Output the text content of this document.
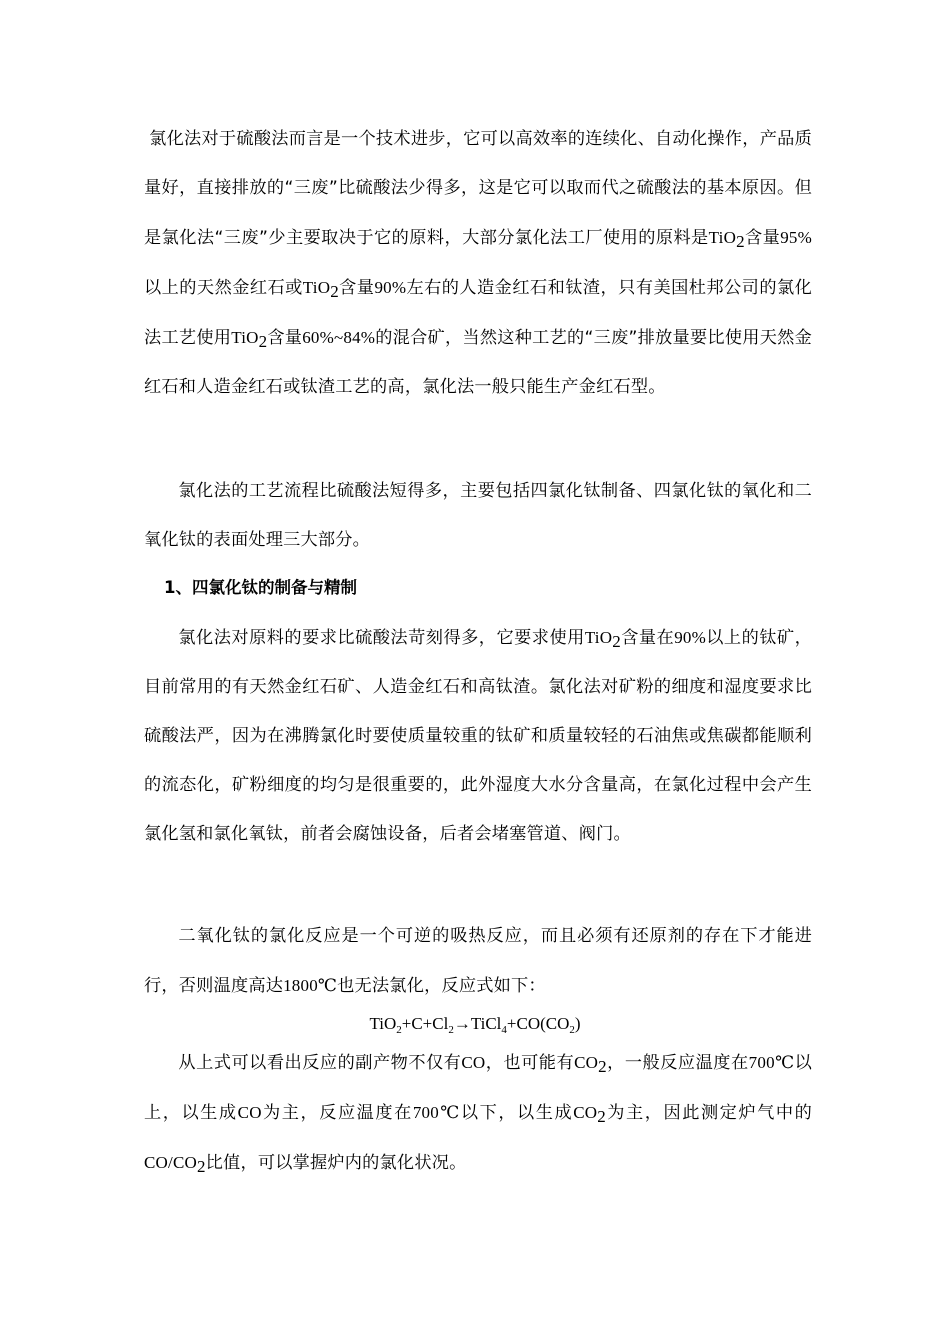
氯化法对于硫酸法而言是一个技术进步，它可以高效率的连续化、自动化操作，产品质量好，直接排放的“三废”比硫酸法少得多，这是它可以取而代之硫酸法的基本原因。但是氯化法“三废”少主要取决于它的原料，大部分氯化法工厂使用的原料是TiO$_2$含量95%以上的天然金红石或TiO$_2$含量90%左右的人造金红石和钛渣，只有美国杜邦公司的氯化法工艺使用TiO$_2$含量60%~84%的混合矿，当然这种工艺的“三废”排放量要比使用天然金红石和人造金红石或钛渣工艺的高，氯化法一般只能生产金红石型。

氯化法的工艺流程比硫酸法短得多，主要包括四氯化钛制备、四氯化钛的氧化和二氧化钛的表面处理三大部分。

1、四氯化钛的制备与精制

氯化法对原料的要求比硫酸法苛刻得多，它要求使用TiO$_2$含量在90%以上的钛矿，目前常用的有天然金红石矿、人造金红石和高钛渣。氯化法对矿粉的细度和湿度要求比硫酸法严，因为在沸腾氯化时要使质量较重的钛矿和质量较轻的石油焦或焦碳都能顺利的流态化，矿粉细度的均匀是很重要的，此外湿度大水分含量高，在氯化过程中会产生氯化氢和氯化氧钛，前者会腐蚀设备，后者会堵塞管道、阀门。

二氧化钛的氯化反应是一个可逆的吸热反应，而且必须有还原剂的存在下才能进行，否则温度高达1800℃也无法氯化，反应式如下：

$TiO_2+C+Cl_2\to TiCl_4+CO(CO_2)$

从上式可以看出反应的副产物不仅有CO，也可能有$CO_2$，一般反应温度在700℃以上，以生成CO为主，反应温度在700℃以下，以生成$CO_2$为主，因此测定炉气中的$CO/CO_2$比值，可以掌握炉内的氯化状况。
